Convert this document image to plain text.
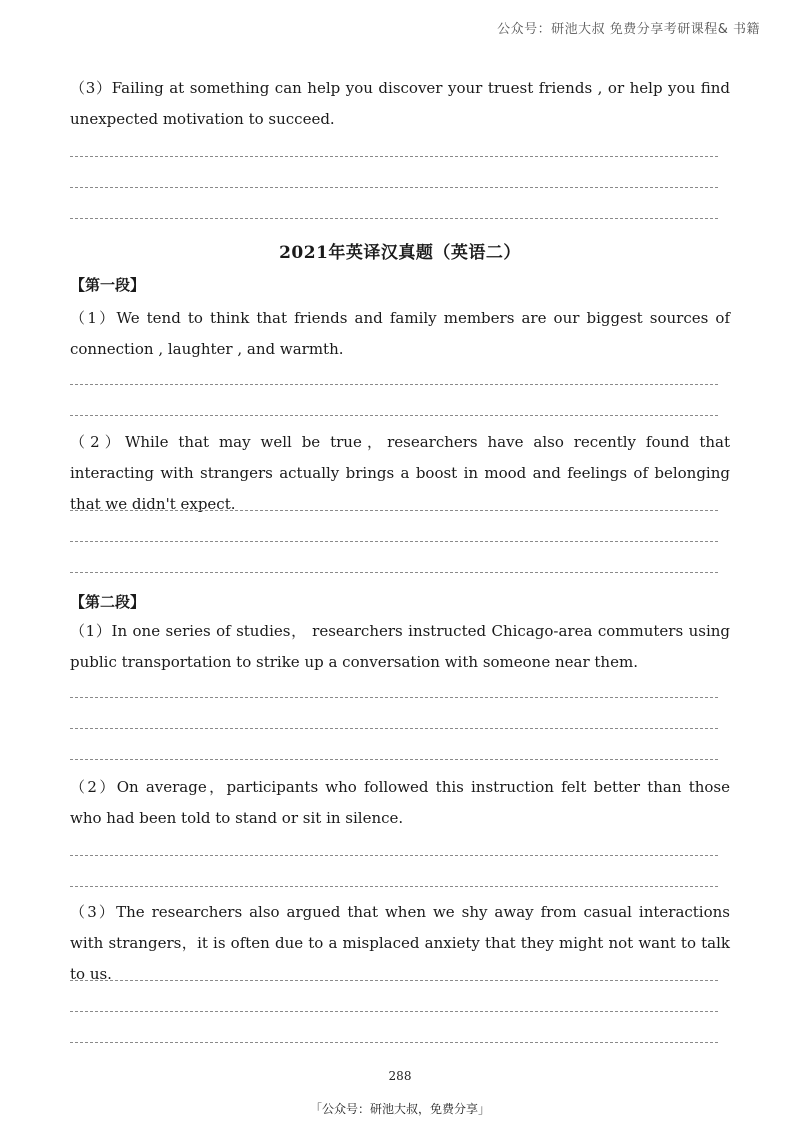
公众号：研池大叔 免费分享考研课程& 书籍

（3）Failing at something can help you discover your truest friends , or help you find unexpected motivation to succeed.

2021年英译汉真题（英语二）
【第一段】

（1）We tend to think that friends and family members are our biggest sources of connection , laughter , and warmth.

（2）While that may well be true，researchers have also recently found that interacting with strangers actually brings a boost in mood and feelings of belonging that we didn't expect.

【第二段】

（1）In one series of studies， researchers instructed Chicago-area commuters using public transportation to strike up a conversation with someone near them.

（2）On average，participants who followed this instruction felt better than those who had been told to stand or sit in silence.

（3）The researchers also argued that when we shy away from casual interactions with strangers，it is often due to a misplaced anxiety that they might not want to talk to us.

288
「公众号：研池大叔，免费分享」
